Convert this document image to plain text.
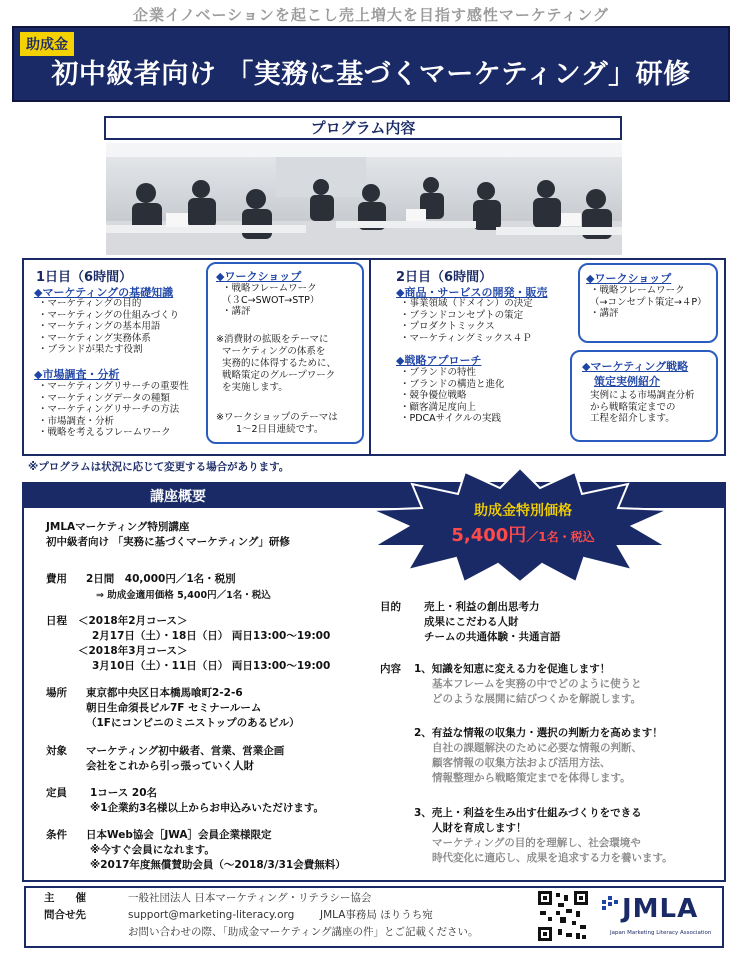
企業イノベーションを起こし売上増大を目指す感性マーケティング
助成金
初中級者向け 「実務に基づくマーケティング」研修
プログラム内容
1日目（6時間）
◆マーケティングの基礎知識
・マーケティングの目的
・マーケティングの仕組みづくり
・マーケティングの基本用語
・マーケティング実務体系
・ブランドが果たす役割
◆市場調査・分析
・マーケティングリサーチの重要性
・マーケティングデータの種類
・マーケティングリサーチの方法
・市場調査・分析
・戦略を考えるフレームワーク
◆ワークショップ
・戦略フレームワーク
（３C→SWOT→STP）
・講評
※消費財の拡販をテーマに
マーケティングの体系を
実務的に体得するために、
戦略策定のグループワーク
を実施します。
※ワークショップのテーマは
1～2日目連続です。
2日目（6時間）
◆商品・サービスの開発・販売
・事業領域（ドメイン）の決定
・ブランドコンセプトの策定
・プロダクトミックス
・マーケティングミックス４Ｐ
◆戦略アプローチ
・ブランドの特性
・ブランドの構造と進化
・競争優位戦略
・顧客満足度向上
・PDCAサイクルの実践
◆ワークショップ
・戦略フレームワーク
（→コンセプト策定→４P）
・講評
◆マーケティング戦略
策定実例紹介
実例による市場調査分析
から戦略策定までの
工程を紹介します。
※プログラムは状況に応じて変更する場合があります。
講座概要
助成金特別価格
5,400円／1名・税込
JMLAマーケティング特別講座
初中級者向け 「実務に基づくマーケティング」研修
費用 2日間　40,000円／1名・税別
⇒ 助成金適用価格 5,400円／1名・税込
日程 ＜2018年2月コース＞
2月17日（土）・18日（日） 両日13:00～19:00
＜2018年3月コース＞
3月10日（土）・11日（日） 両日13:00～19:00
場所 東京都中央区日本橋馬喰町2-2-6
朝日生命須長ビル7F セミナールーム
（1Fにコンビニのミニストップのあるビル）
対象 マーケティング初中級者、営業、営業企画
会社をこれから引っ張っていく人財
定員 1コース 20名
※1企業約3名様以上からお申込みいただけます。
条件 日本Web協会［JWA］会員企業様限定
※今すぐ会員になれます。
※2017年度無償賛助会員（～2018/3/31会費無料）
目的 売上・利益の創出思考力
成果にこだわる人財
チームの共通体験・共通言語
内容 1、知識を知恵に変える力を促進します！
基本フレームを実務の中でどのように使うと
どのような展開に結びつくかを解説します。
2、有益な情報の収集力・選択の判断力を高めます！
自社の課題解決のために必要な情報の判断、
顧客情報の収集方法および活用方法、
情報整理から戦略策定までを体得します。
3、売上・利益を生み出す仕組みづくりをできる
人財を育成します！
マーケティングの目的を理解し、社会環境や
時代変化に適応し、成果を追求する力を養います。
主　　催	一般社団法人 日本マーケティング・リテラシー協会
問合せ先	support@marketing-literacy.org JMLA事務局 ほりうち宛
お問い合わせの際、「助成金マーケティング講座の件」とご記載ください。
JMLA
Japan Marketing Literacy Association
